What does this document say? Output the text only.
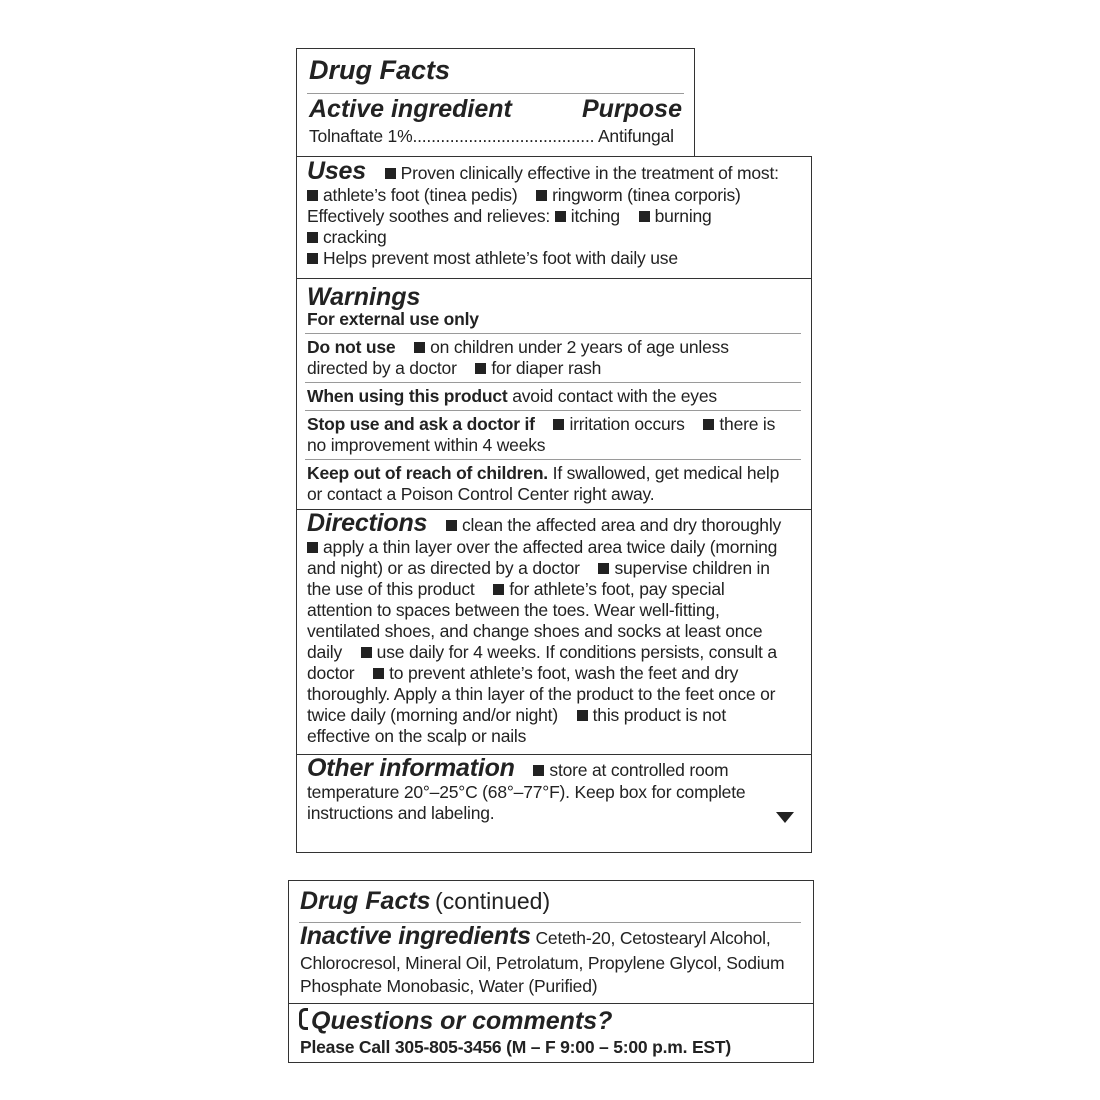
Drug Facts
Active ingredient	Purpose
Tolnaftate 1%....................................... Antifungal
Uses Proven clinically effective in the treatment of most:
athlete’s foot (tinea pedis) ringworm (tinea corporis)
Effectively soothes and relieves: itching burning
cracking
Helps prevent most athlete’s foot with daily use
Warnings
For external use only
Do not use on children under 2 years of age unless
directed by a doctor for diaper rash
When using this product avoid contact with the eyes
Stop use and ask a doctor if irritation occurs there is
no improvement within 4 weeks
Keep out of reach of children. If swallowed, get medical help
or contact a Poison Control Center right away.
Directions clean the affected area and dry thoroughly
apply a thin layer over the affected area twice daily (morning
and night) or as directed by a doctor supervise children in
the use of this product for athlete’s foot, pay special
attention to spaces between the toes. Wear well-fitting,
ventilated shoes, and change shoes and socks at least once
daily use daily for 4 weeks. If conditions persists, consult a
doctor to prevent athlete’s foot, wash the feet and dry
thoroughly. Apply a thin layer of the product to the feet once or
twice daily (morning and/or night) this product is not
effective on the scalp or nails
Other information store at controlled room
temperature 20°–25°C (68°–77°F). Keep box for complete
instructions and labeling.
Drug Facts (continued)
Inactive ingredients Ceteth-20, Cetostearyl Alcohol,
Chlorocresol, Mineral Oil, Petrolatum, Propylene Glycol, Sodium
Phosphate Monobasic, Water (Purified)
Questions or comments?
Please Call 305-805-3456 (M – F 9:00 – 5:00 p.m. EST)
